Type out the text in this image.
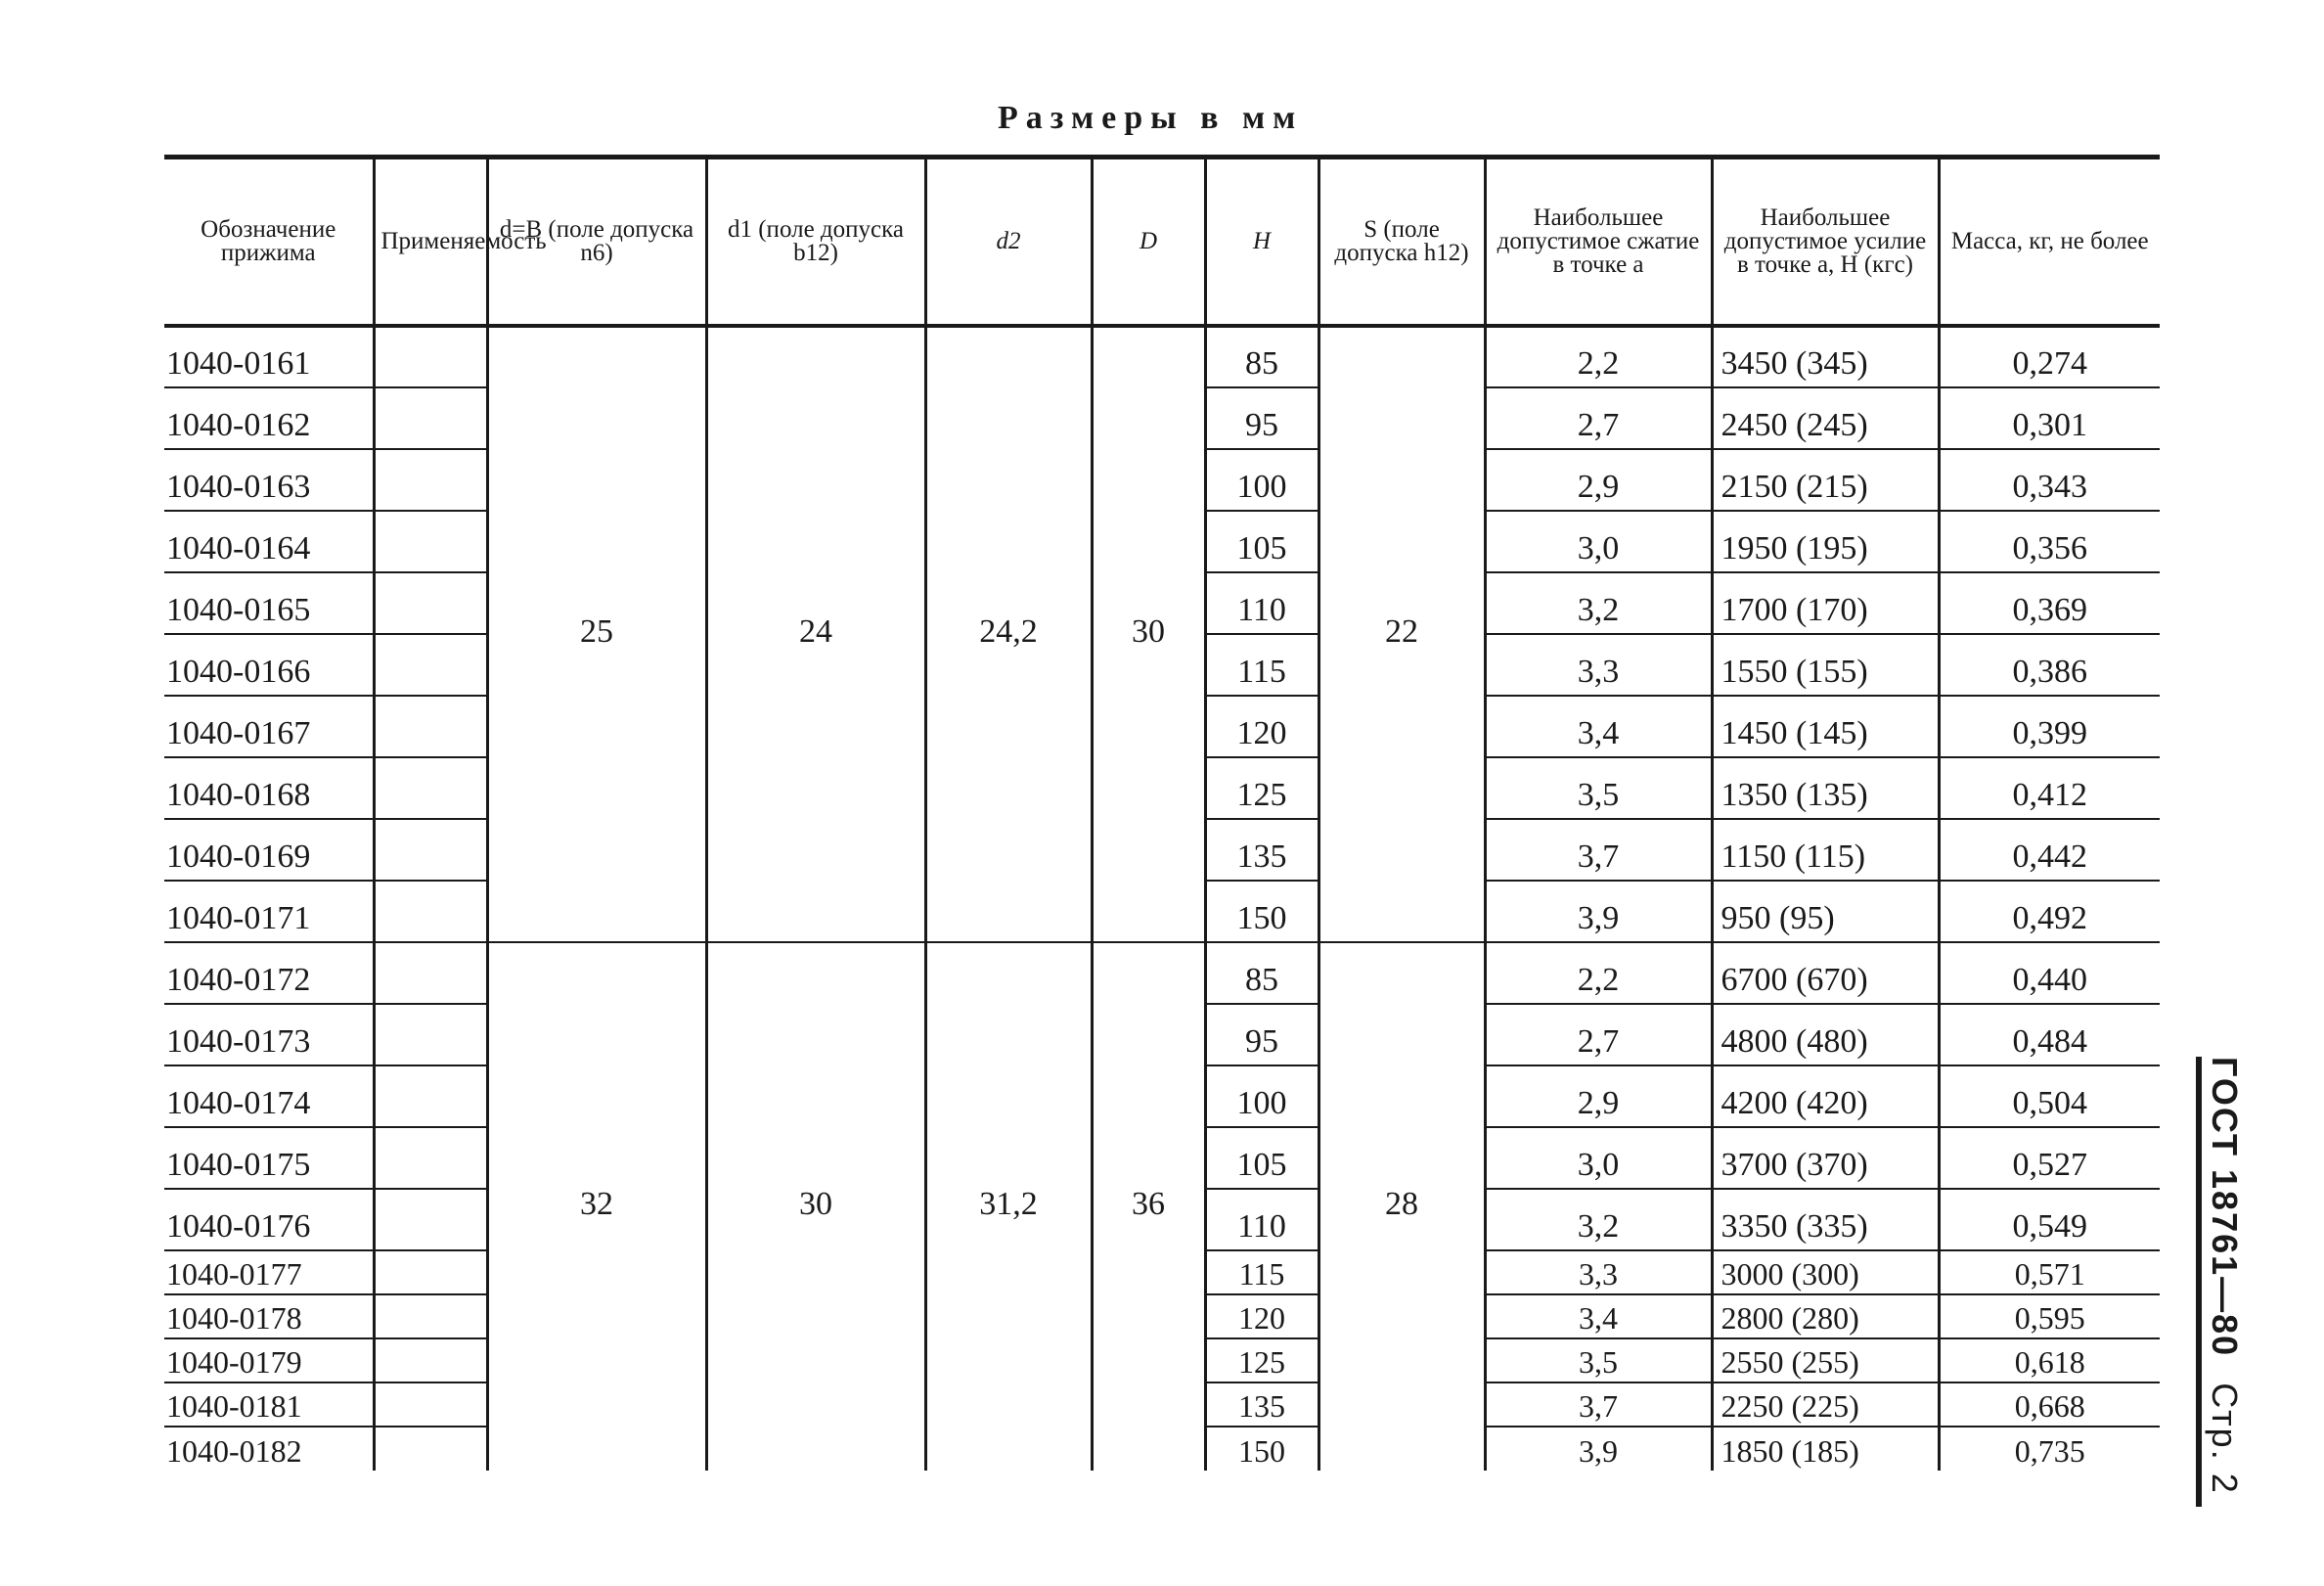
Размеры в мм
Обозначение прижима	Применяемость	d=B (поле допуска n6)	d1 (поле допуска b12)	d2	D	H	S (поле допуска h12)	Наибольшее допустимое сжатие в точке a	Наибольшее допустимое усилие в точке a, Н (кгс)	Масса, кг, не более
1040-0161		25	24	24,2	30	85	22	2,2	3450 (345)	0,274
1040-0162						95		2,7	2450 (245)	0,301
1040-0163						100		2,9	2150 (215)	0,343
1040-0164						105		3,0	1950 (195)	0,356
1040-0165						110		3,2	1700 (170)	0,369
1040-0166						115		3,3	1550 (155)	0,386
1040-0167						120		3,4	1450 (145)	0,399
1040-0168						125		3,5	1350 (135)	0,412
1040-0169						135		3,7	1150 (115)	0,442
1040-0171						150		3,9	950 (95)	0,492
1040-0172		32	30	31,2	36	85	28	2,2	6700 (670)	0,440
1040-0173						95		2,7	4800 (480)	0,484
1040-0174						100		2,9	4200 (420)	0,504
1040-0175						105		3,0	3700 (370)	0,527
1040-0176						110		3,2	3350 (335)	0,549
1040-0177						115		3,3	3000 (300)	0,571
1040-0178						120		3,4	2800 (280)	0,595
1040-0179						125		3,5	2550 (255)	0,618
1040-0181						135		3,7	2250 (225)	0,668
1040-0182						150		3,9	1850 (185)	0,735
ГОСТ 18761—80Стр. 2
